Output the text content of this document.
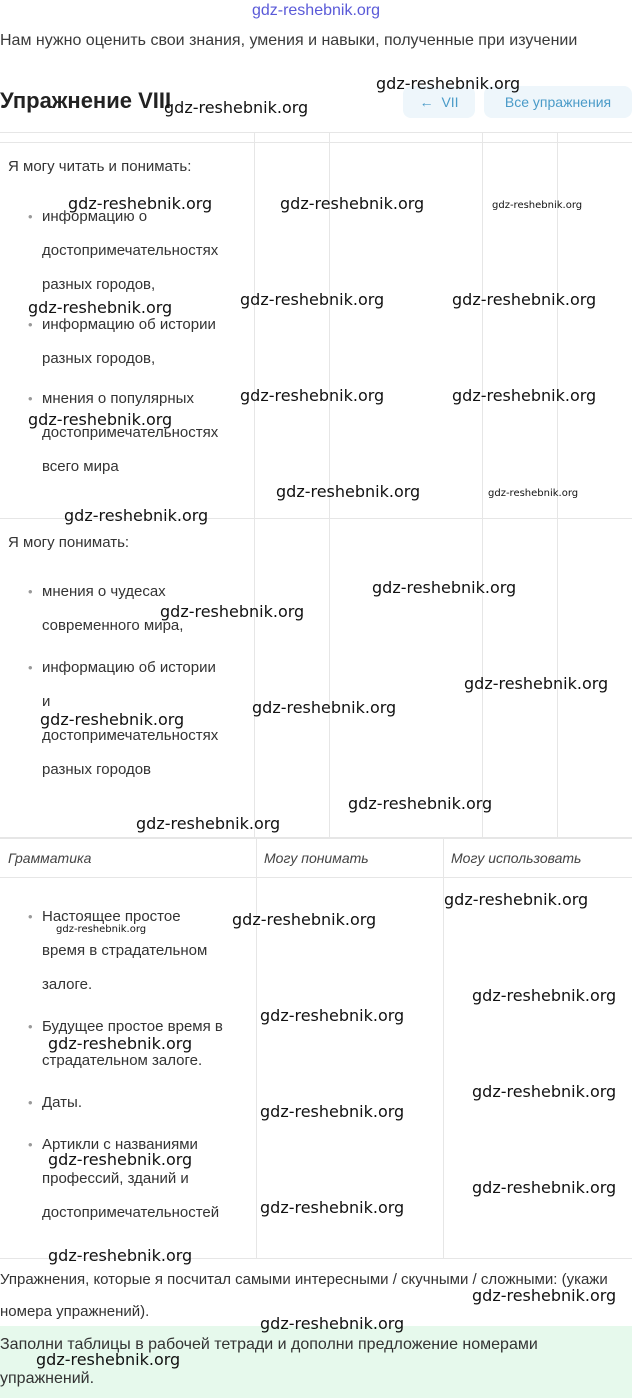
gdz-reshebnik.org
Нам нужно оценить свои знания, умения и навыки, полученные при изучении
Упражнение VIII	← VII	Все упражнения
Я могу читать и понимать:
• информацию о достопримечательностях разных городов,
• информацию об истории разных городов,
• мнения о популярных достопримечательностях всего мира
Я могу понимать:
• мнения о чудесах современного мира,
• информацию об истории и достопримечательностях разных городов
Грамматика	Могу понимать	Могу использовать
• Настоящее простое время в страдательном залоге.
• Будущее простое время в страдательном залоге.
• Даты.
• Артикли с названиями профессий, зданий и достопримечательностей
Упражнения, которые я посчитал самыми интересными / скучными / сложными: (укажи номера упражнений).
Заполни таблицы в рабочей тетради и дополни предложение номерами упражнений.
gdz-reshebnik.org
gdz-reshebnik.org
gdz-reshebnik.org	gdz-reshebnik.org	gdz-reshebnik.org
gdz-reshebnik.org	gdz-reshebnik.org
gdz-reshebnik.org
gdz-reshebnik.org	gdz-reshebnik.org
gdz-reshebnik.org
gdz-reshebnik.org	gdz-reshebnik.org
gdz-reshebnik.org
gdz-reshebnik.org
gdz-reshebnik.org
gdz-reshebnik.org
gdz-reshebnik.org
gdz-reshebnik.org
gdz-reshebnik.org
gdz-reshebnik.org
gdz-reshebnik.org
gdz-reshebnik.org
gdz-reshebnik.org
gdz-reshebnik.org
gdz-reshebnik.org
gdz-reshebnik.org
gdz-reshebnik.org
gdz-reshebnik.org
gdz-reshebnik.org
gdz-reshebnik.org
gdz-reshebnik.org
gdz-reshebnik.org
gdz-reshebnik.org
gdz-reshebnik.org
gdz-reshebnik.org
